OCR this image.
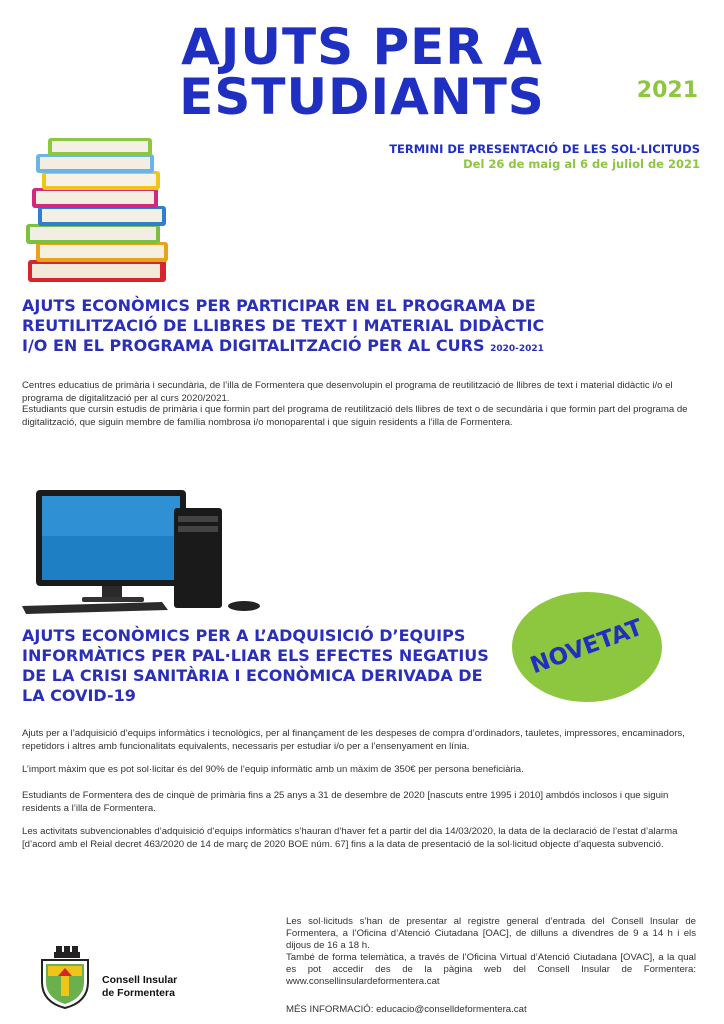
AJUTS PER A ESTUDIANTS	2021
TERMINI DE PRESENTACIÓ DE LES SOL·LICITUDS
Del 26 de maig al 6 de juliol de 2021
AJUTS ECONÒMICS PER PARTICIPAR EN EL PROGRAMA DE REUTILITZACIÓ DE LLIBRES DE TEXT I MATERIAL DIDÀCTIC I/O EN EL PROGRAMA DIGITALITZACIÓ PER AL CURS 2020-2021
Centres educatius de primària i secundària, de l’illa de Formentera que desenvolupin el programa de reutilització de llibres de text i material didàctic i/o el programa de digitalització per al curs 2020/2021.
Estudiants que cursin estudis de primària i que formin part del programa de reutilització dels llibres de text o de secundària i que formin part del programa de digitalització, que siguin membre de família nombrosa i/o monoparental i que siguin residents a l’illa de Formentera.
NOVETAT
AJUTS ECONÒMICS PER A L’ADQUISICIÓ D’EQUIPS INFORMÀTICS PER PAL·LIAR ELS EFECTES NEGATIUS DE LA CRISI SANITÀRIA I ECONÒMICA DERIVADA DE LA COVID-19
Ajuts per a l’adquisició d’equips informàtics i tecnològics, per al finançament de les despeses de compra d’ordinadors, tauletes, impressores, encaminadors, repetidors i altres amb funcionalitats equivalents, necessaris per estudiar i/o per a l’ensenyament en línia.
L’import màxim que es pot sol·licitar és del 90% de l’equip informàtic amb un màxim de 350€ per persona beneficiària.
Estudiants de Formentera des de cinquè de primària fins a 25 anys a 31 de desembre de 2020 [nascuts entre 1995 i 2010] ambdós inclosos i que siguin residents a l’illa de Formentera.
Les activitats subvencionables d’adquisició d’equips informàtics s’hauran d’haver fet a partir del dia 14/03/2020, la data de la declaració de l’estat d’alarma [d’acord amb el Reial decret 463/2020 de 14 de març de 2020 BOE núm. 67] fins a la data de presentació de la sol·licitud objecte d’aquesta subvenció.
Consell Insular
de Formentera

Les sol·licituds s’han de presentar al registre general d’entrada del Consell Insular de Formentera, a l’Oficina d’Atenció Ciutadana [OAC], de dilluns a divendres de 9 a 14 h i els dijous de 16 a 18 h.

També de forma telemàtica, a través de l’Oficina Virtual d’Atenció Ciutadana [OVAC], a la qual es pot accedir des de la pàgina web del Consell Insular de Formentera: www.consellinsulardeformentera.cat

MÉS INFORMACIÓ: educacio@conselldeformentera.cat
